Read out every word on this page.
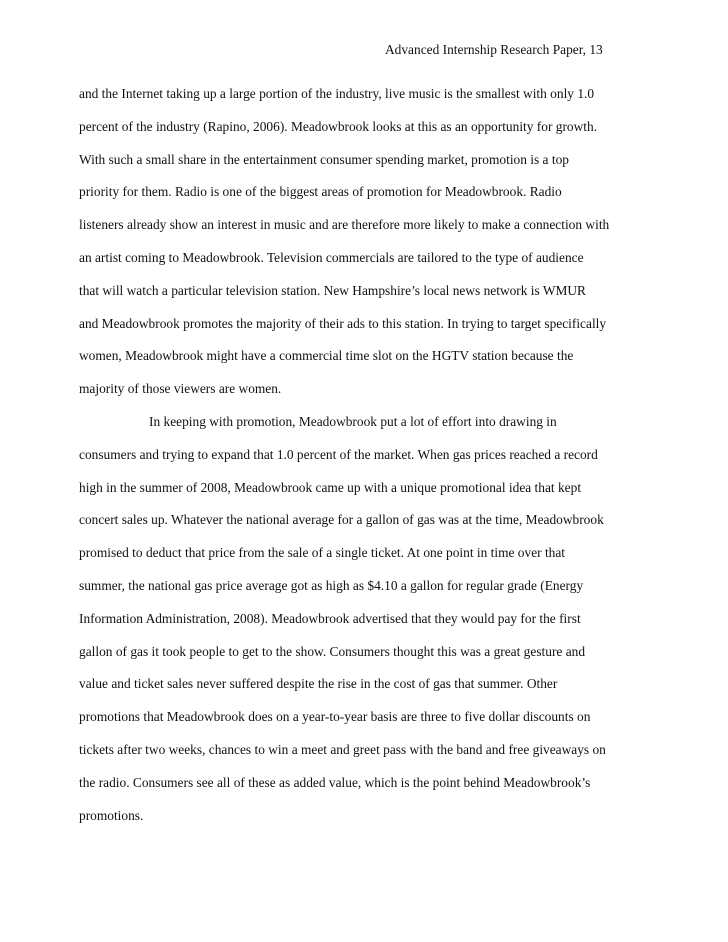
Advanced Internship Research Paper, 13
and the Internet taking up a large portion of the industry, live music is the smallest with only 1.0
percent of the industry (Rapino, 2006). Meadowbrook looks at this as an opportunity for growth.
With such a small share in the entertainment consumer spending market, promotion is a top
priority for them. Radio is one of the biggest areas of promotion for Meadowbrook. Radio
listeners already show an interest in music and are therefore more likely to make a connection with
an artist coming to Meadowbrook. Television commercials are tailored to the type of audience
that will watch a particular television station. New Hampshire’s local news network is WMUR
and Meadowbrook promotes the majority of their ads to this station. In trying to target specifically
women, Meadowbrook might have a commercial time slot on the HGTV station because the
majority of those viewers are women.
In keeping with promotion, Meadowbrook put a lot of effort into drawing in
consumers and trying to expand that 1.0 percent of the market. When gas prices reached a record
high in the summer of 2008, Meadowbrook came up with a unique promotional idea that kept
concert sales up. Whatever the national average for a gallon of gas was at the time, Meadowbrook
promised to deduct that price from the sale of a single ticket. At one point in time over that
summer, the national gas price average got as high as $4.10 a gallon for regular grade (Energy
Information Administration, 2008). Meadowbrook advertised that they would pay for the first
gallon of gas it took people to get to the show. Consumers thought this was a great gesture and
value and ticket sales never suffered despite the rise in the cost of gas that summer. Other
promotions that Meadowbrook does on a year-to-year basis are three to five dollar discounts on
tickets after two weeks, chances to win a meet and greet pass with the band and free giveaways on
the radio. Consumers see all of these as added value, which is the point behind Meadowbrook’s
promotions.
